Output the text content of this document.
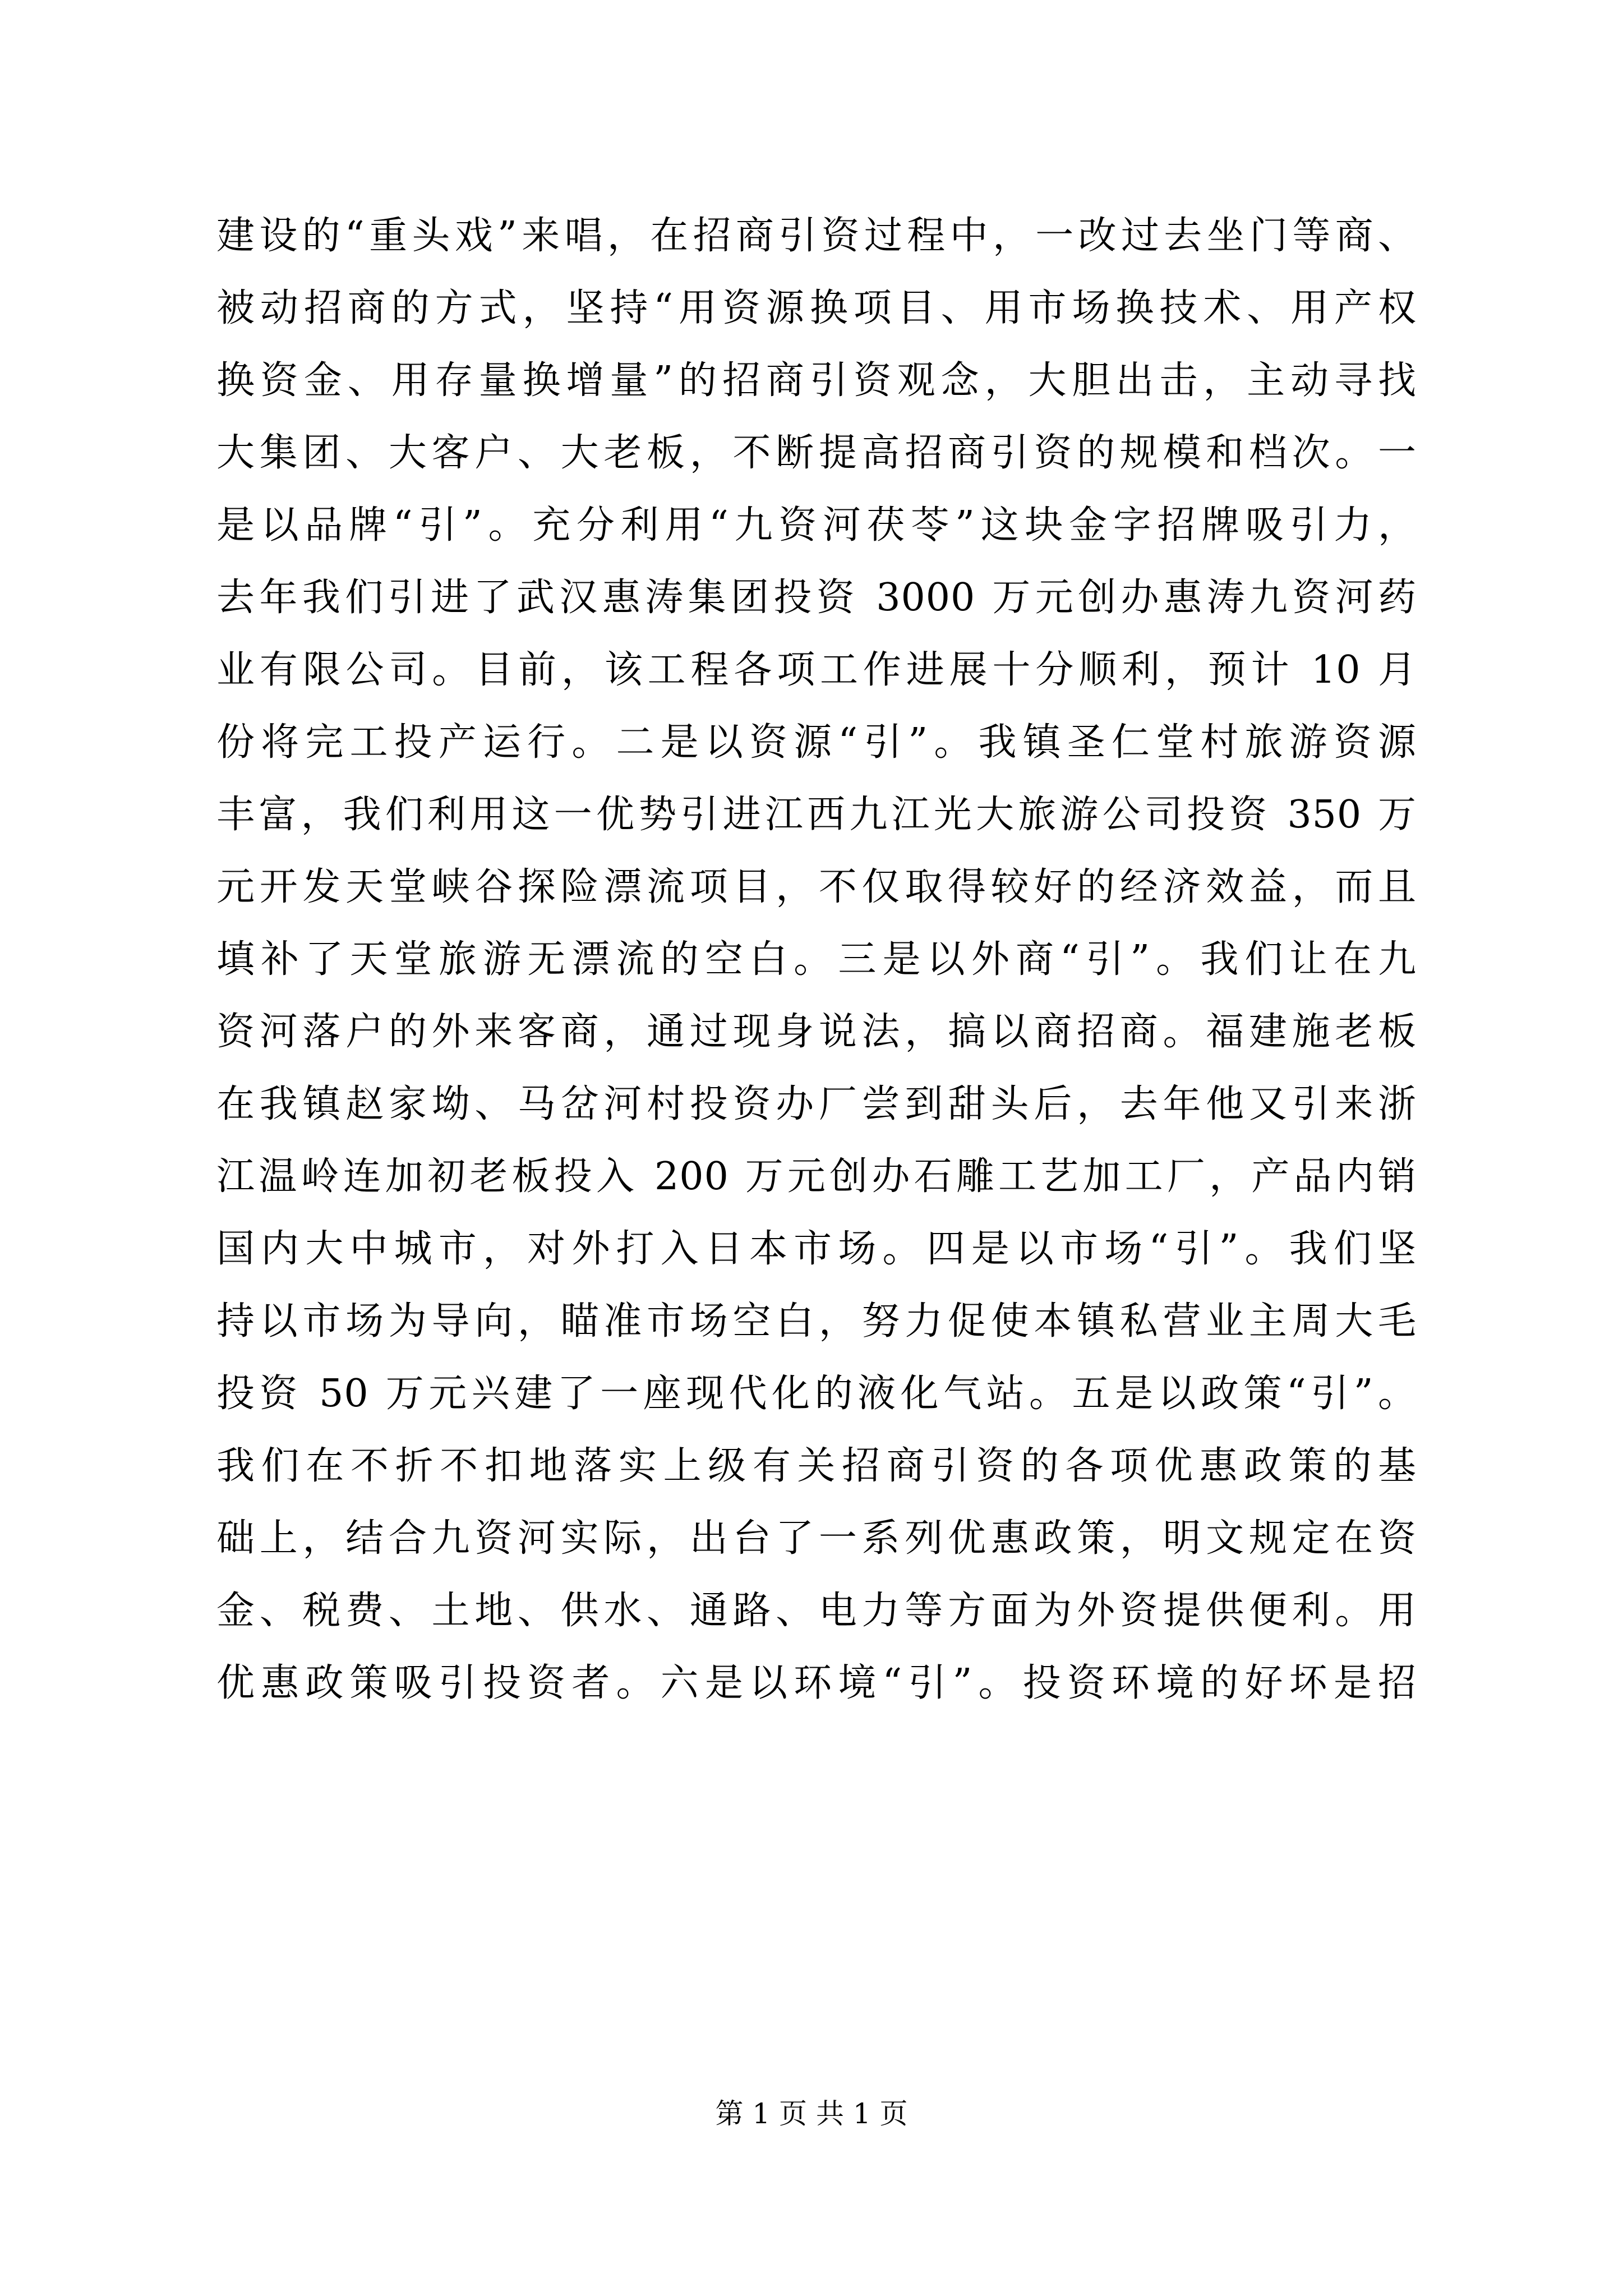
建设的“重头戏”来唱，在招商引资过程中，一改过去坐门等商、
被动招商的方式，坚持“用资源换项目、用市场换技术、用产权
换资金、用存量换增量”的招商引资观念，大胆出击，主动寻找
大集团、大客户、大老板，不断提高招商引资的规模和档次。一
是以品牌“引”。充分利用“九资河茯苓”这块金字招牌吸引力，
去年我们引进了武汉惠涛集团投资 3000 万元创办惠涛九资河药
业有限公司。目前，该工程各项工作进展十分顺利，预计 10 月
份将完工投产运行。二是以资源“引”。我镇圣仁堂村旅游资源
丰富，我们利用这一优势引进江西九江光大旅游公司投资 350 万
元开发天堂峡谷探险漂流项目，不仅取得较好的经济效益，而且
填补了天堂旅游无漂流的空白。三是以外商“引”。我们让在九
资河落户的外来客商，通过现身说法，搞以商招商。福建施老板
在我镇赵家坳、马岔河村投资办厂尝到甜头后，去年他又引来浙
江温岭连加初老板投入 200 万元创办石雕工艺加工厂，产品内销
国内大中城市，对外打入日本市场。四是以市场“引”。我们坚
持以市场为导向，瞄准市场空白，努力促使本镇私营业主周大毛
投资 50 万元兴建了一座现代化的液化气站。五是以政策“引”。
我们在不折不扣地落实上级有关招商引资的各项优惠政策的基
础上，结合九资河实际，出台了一系列优惠政策，明文规定在资
金、税费、土地、供水、通路、电力等方面为外资提供便利。用
优惠政策吸引投资者。六是以环境“引”。投资环境的好坏是招
第 1 页 共 1 页
